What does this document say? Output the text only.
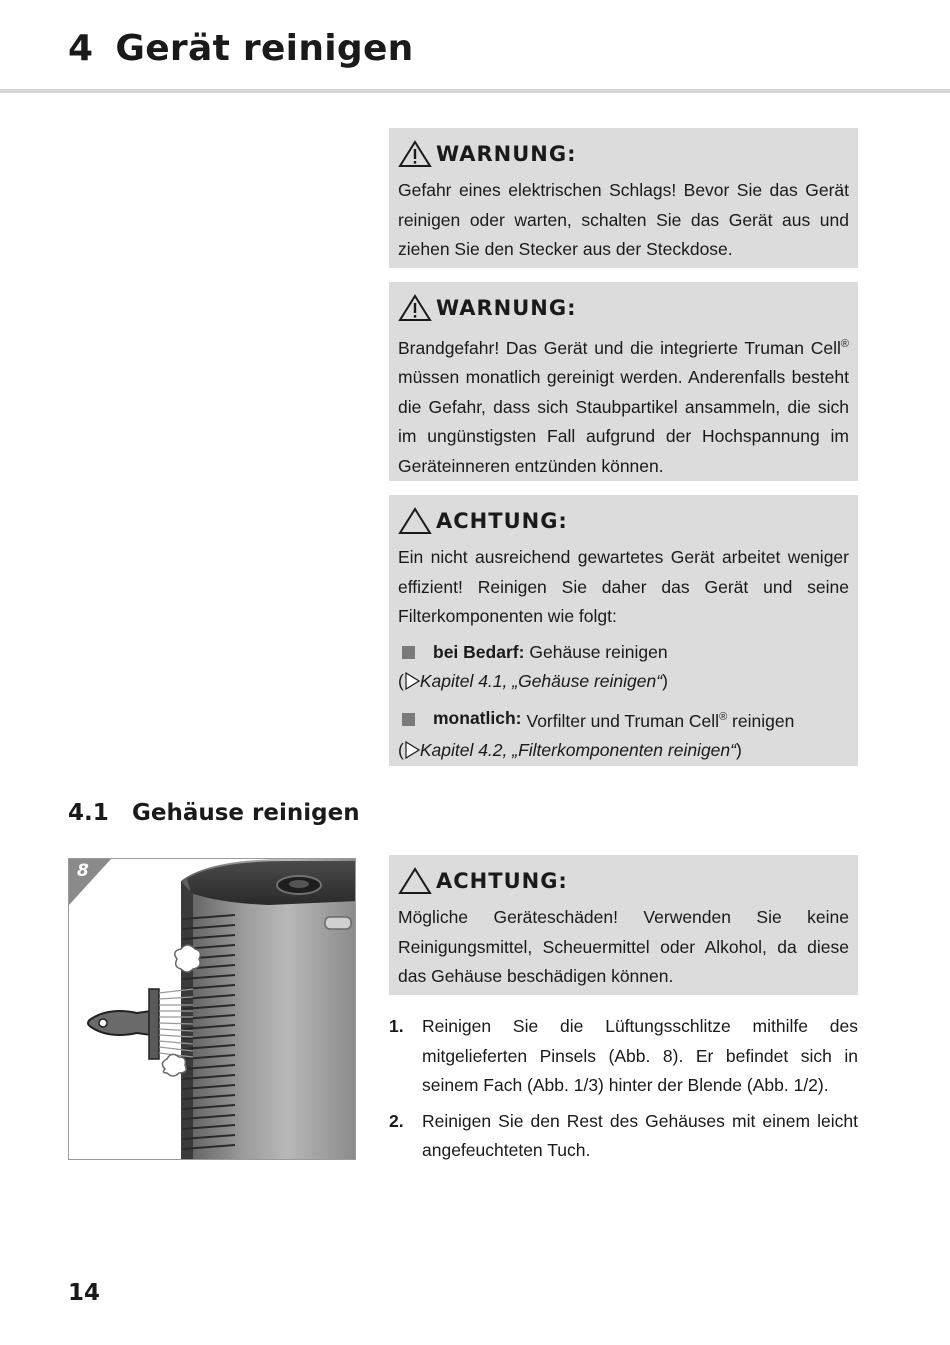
4 Gerät reinigen
WARNUNG:

Gefahr eines elektrischen Schlags! Bevor Sie das Gerät reinigen oder warten, schalten Sie das Gerät aus und ziehen Sie den Stecker aus der Steckdose.

WARNUNG:

Brandgefahr! Das Gerät und die integrierte Truman Cell® müssen monatlich gereinigt werden. Anderenfalls besteht die Gefahr, dass sich Staubpartikel ansammeln, die sich im ungünstigsten Fall aufgrund der Hochspannung im Geräteinneren entzünden können.

ACHTUNG:

Ein nicht ausreichend gewartetes Gerät arbeitet weniger effizient! Reinigen Sie daher das Gerät und seine Filterkomponenten wie folgt:

bei Bedarf: Gehäuse reinigen
( Kapitel 4.1, „Gehäuse reinigen“)
monatlich: Vorfilter und Truman Cell® reinigen
( Kapitel 4.2, „Filterkomponenten reinigen“)
4.1 Gehäuse reinigen
8	ACHTUNG:

Mögliche Geräteschäden! Verwenden Sie keine Reinigungsmittel, Scheuermittel oder Alkohol, da diese das Gehäuse beschädigen können.

1.	Reinigen Sie die Lüftungsschlitze mithilfe des mitgelieferten Pinsels (Abb. 8). Er befindet sich in seinem Fach (Abb. 1/3) hinter der Blende (Abb. 1/2).
2.	Reinigen Sie den Rest des Gehäuses mit einem leicht angefeuchteten Tuch.
14
